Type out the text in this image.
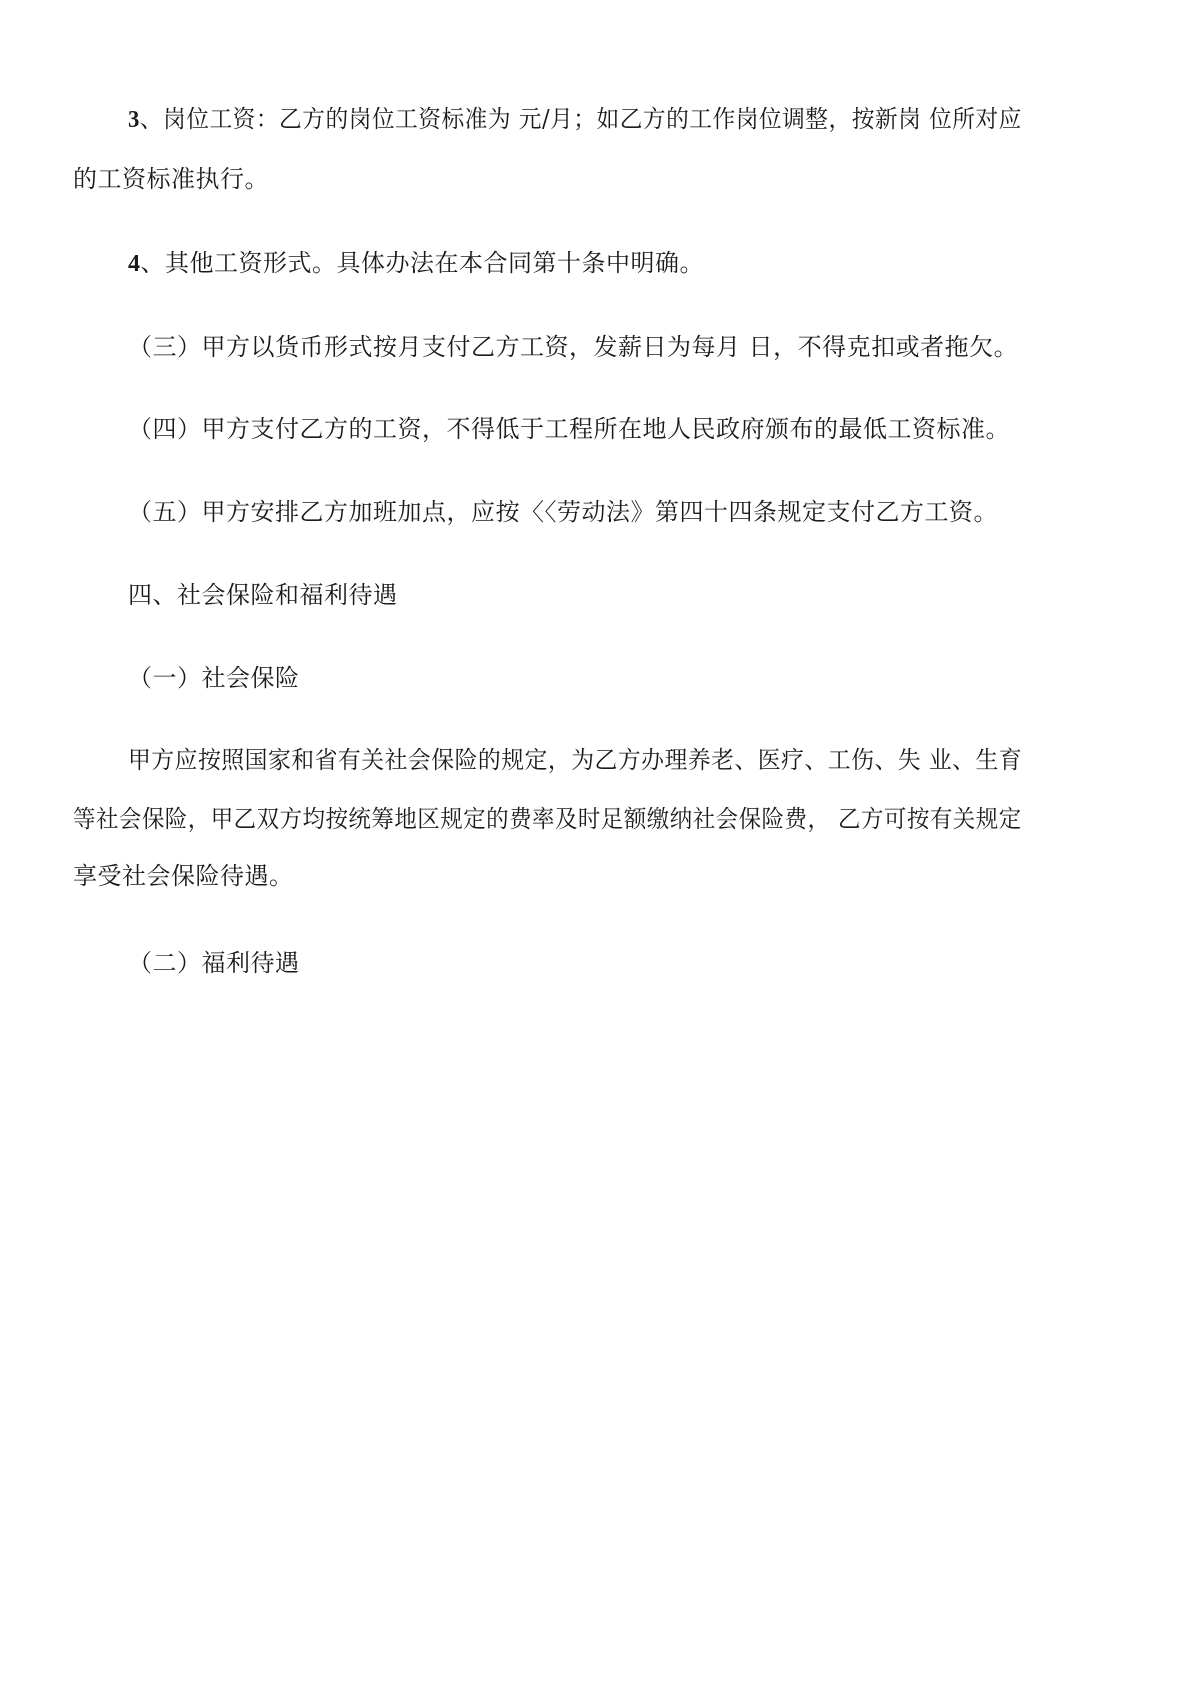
3、岗位工资：乙方的岗位工资标准为 元/月；如乙方的工作岗位调整，按新岗 位所对应
的工资标准执行。
4、其他工资形式。具体办法在本合同第十条中明确。
（三）甲方以货币形式按月支付乙方工资，发薪日为每月 日，不得克扣或者拖欠。
（四）甲方支付乙方的工资，不得低于工程所在地人民政府颁布的最低工资标准。
（五）甲方安排乙方加班加点，应按〈〈劳动法》第四十四条规定支付乙方工资。
四、社会保险和福利待遇
（一）社会保险
甲方应按照国家和省有关社会保险的规定，为乙方办理养老、医疗、工伤、失 业、生育
等社会保险，甲乙双方均按统筹地区规定的费率及时足额缴纳社会保险费， 乙方可按有关规定
享受社会保险待遇。
（二）福利待遇
